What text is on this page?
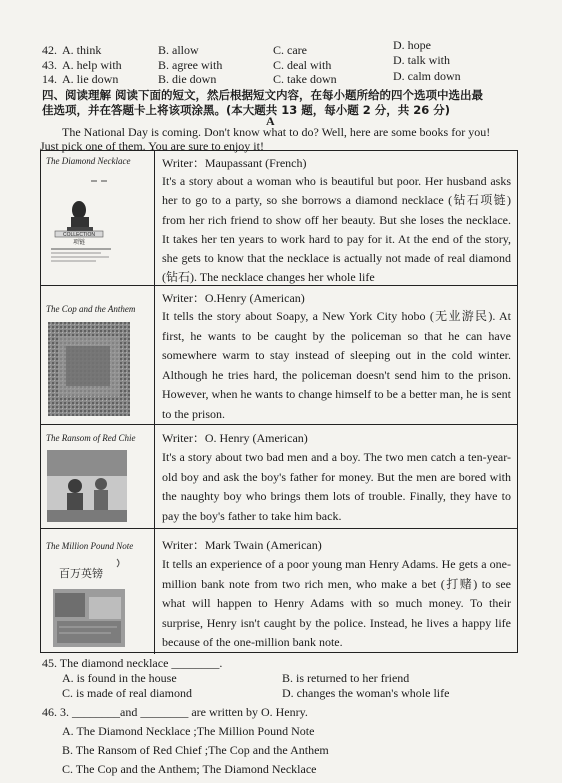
42. A. think	B. allow	C. care	D. hope
43. A. help with	B. agree with	C. deal with	D. talk with
14. A. lie down	B. die down	C. take down	D. calm down
四、阅读理解 阅读下面的短文，然后根据短文内容，在每小题所给的四个选项中选出最
佳选项，并在答题卡上将该项涂黑。(本大题共 13 题，每小题 2 分，共 26 分)
A
The National Day is coming. Don't know what to do? Well, here are some books for you!
Just pick one of them. You are sure to enjoy it!
The Diamond Necklace
COLLECTION
项链
Writer：Maupassant (French)
It's a story about a woman who is beautiful but poor. Her husband asks her to go to a party, so she borrows a diamond necklace (钻石项链) from her rich friend to show off her beauty. But she loses the necklace. It takes her ten years to work hard to pay for it. At the end of the story, she gets to know that the necklace is actually not made of real diamond (钻石). The necklace changes her whole life
The Cop and the Anthem
Writer：O.Henry (American)
It tells the story about Soapy, a New York City hobo (无业游民). At first, he wants to be caught by the policeman so that he can have somewhere warm to stay instead of sleeping out in the cold winter. Although he tries hard, the policeman doesn't send him to the prison. However, when he wants to change himself to be a better man, he is sent to the prison.
The Ransom of Red Chie Writer：O. Henry (American)
It's a story about two bad men and a boy. The two men catch a ten-year-old boy and ask the boy's father for money. But the men are bored with the naughty boy who brings them lots of trouble. Finally, they have to pay the boy's father to take him back.
The Million Pound Note
百万英镑
Writer：Mark Twain (American)
It tells an experience of a poor young man Henry Adams. He gets a one-million bank note from two rich men, who make a bet (打赌) to see what will happen to Henry Adams with so much money. To their surprise, Henry isn't caught by the police. Instead, he lives a happy life because of the one-million bank note.
45. The diamond necklace ________.
A. is found in the house	B. is returned to her friend
C. is made of real diamond	D. changes the woman's whole life
46. 3. ________and ________ are written by O. Henry.
A. The Diamond Necklace ;The Million Pound Note
B. The Ransom of Red Chief ;The Cop and the Anthem
C. The Cop and the Anthem; The Diamond Necklace
